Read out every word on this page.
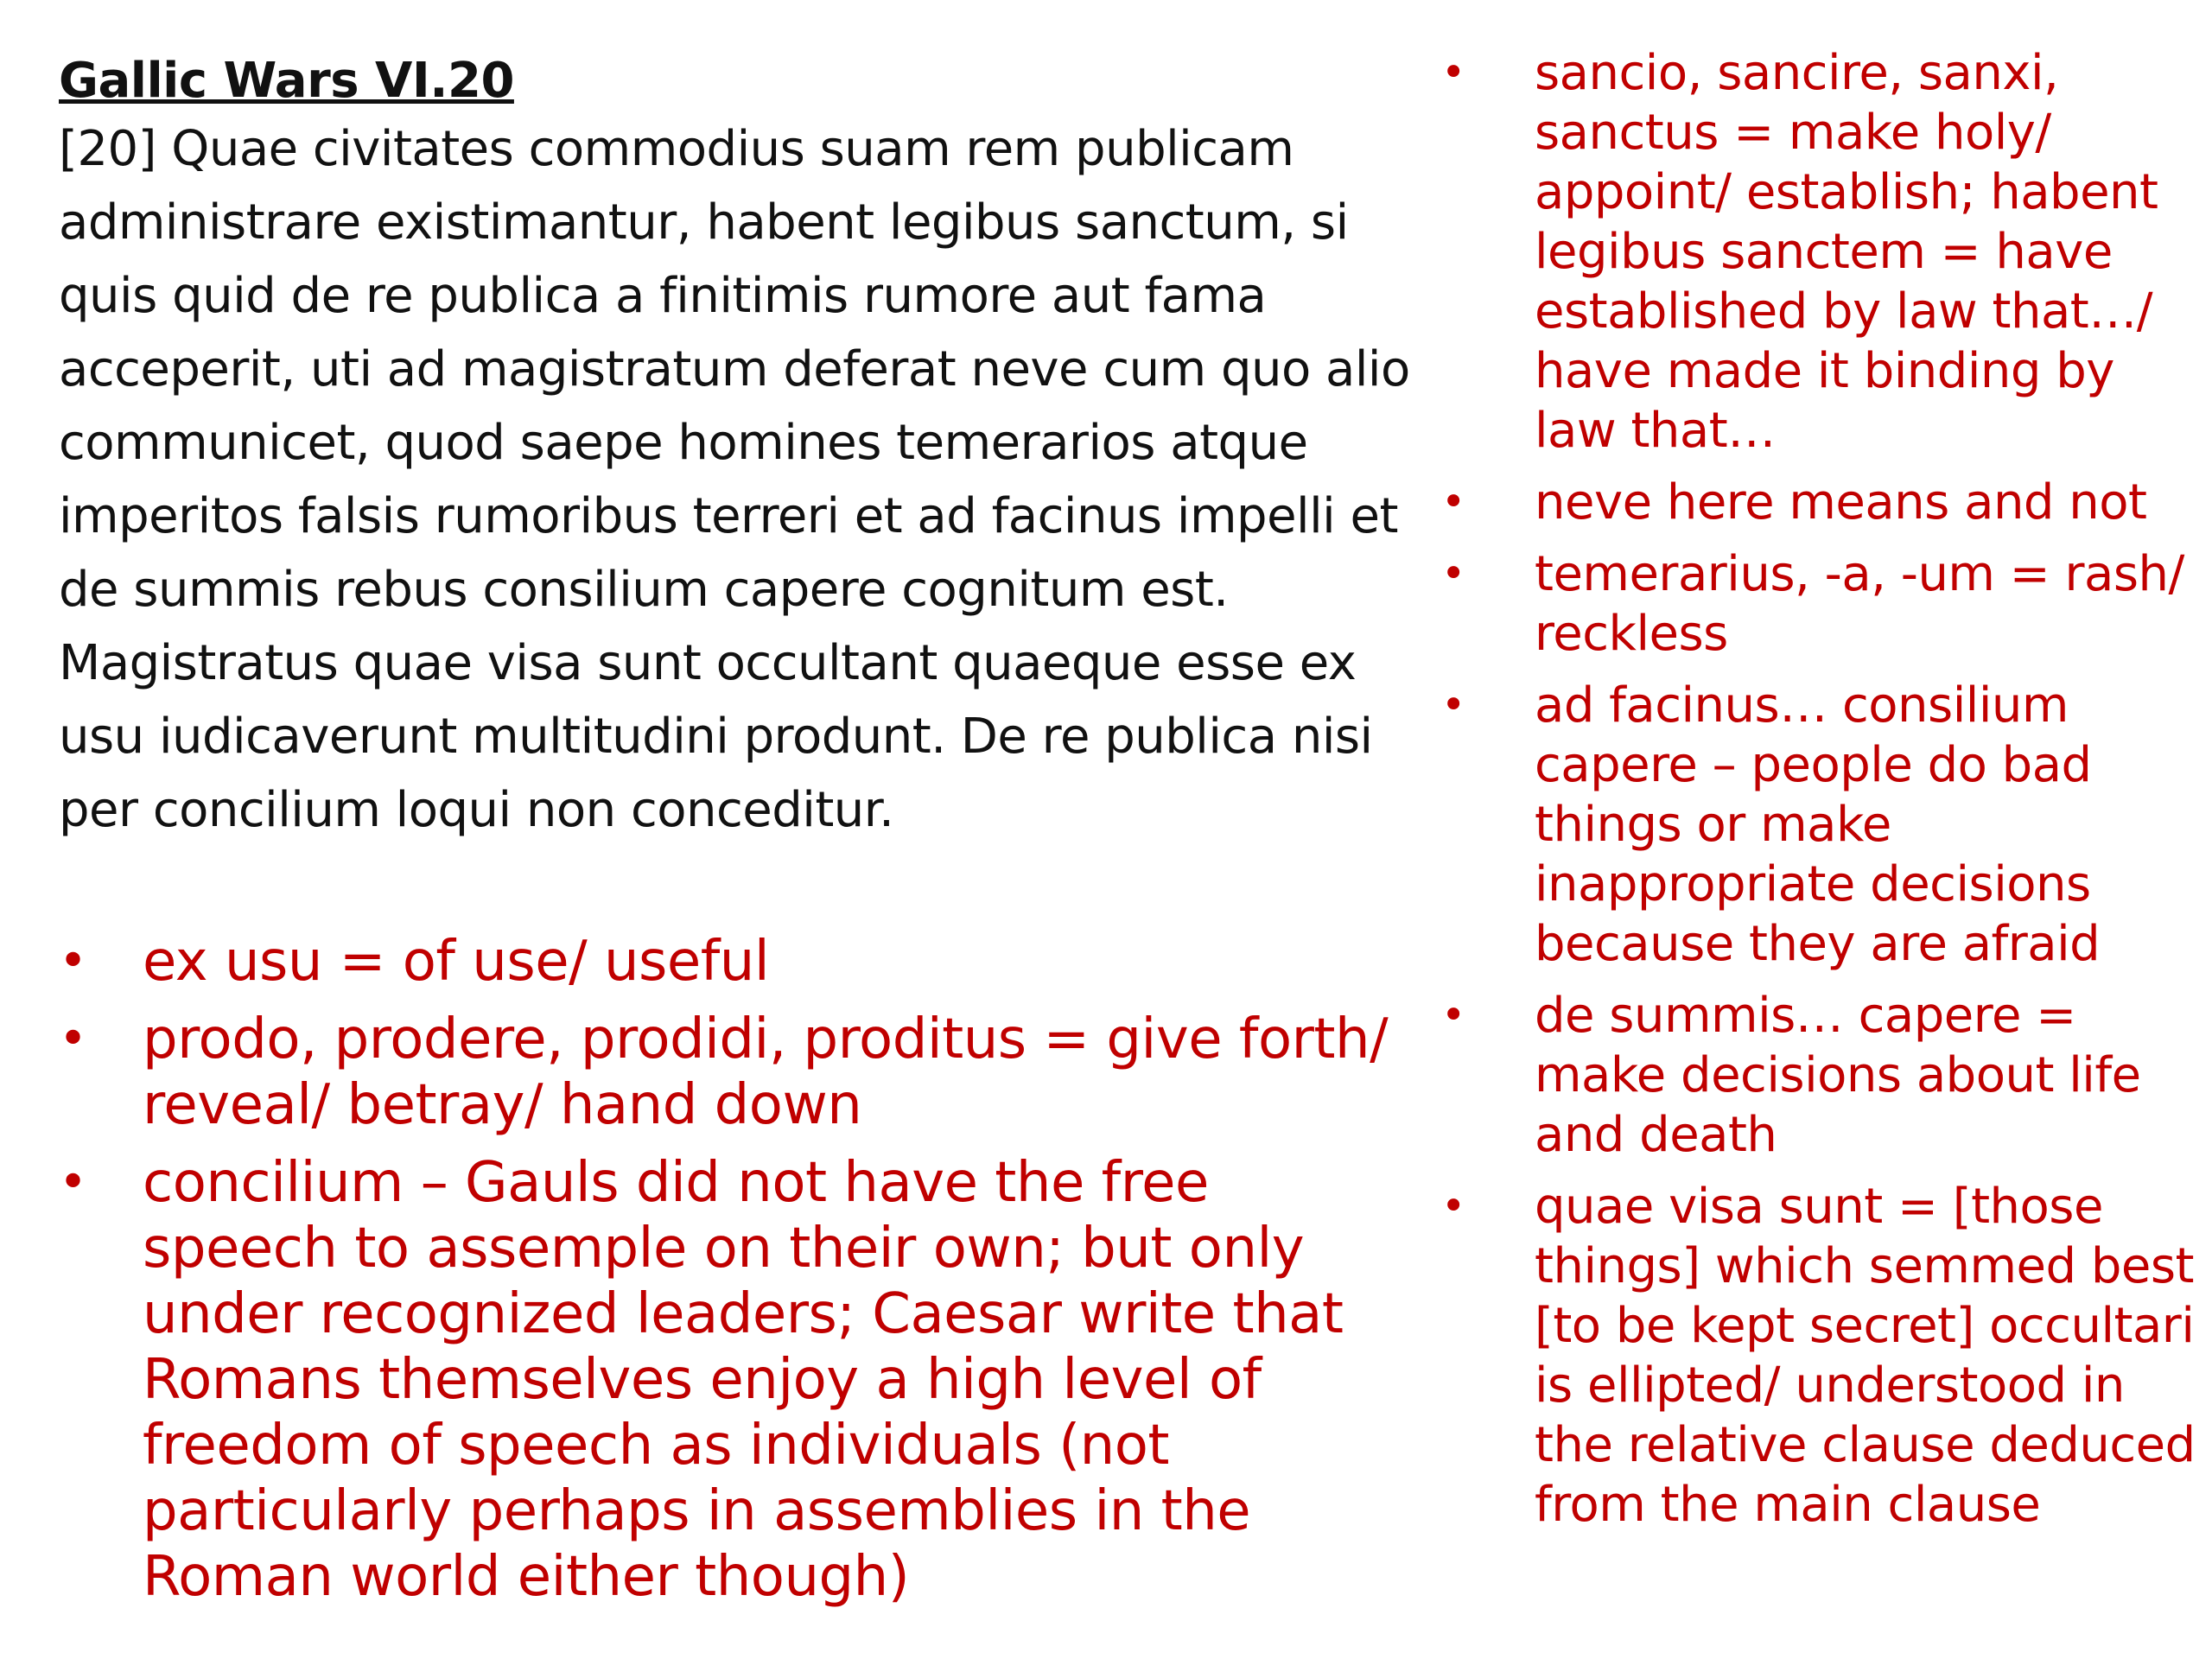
Gallic Wars VI.20

[20] Quae civitates commodius suam rem publicam administrare existimantur, habent legibus sanctum, si quis quid de re publica a finitimis rumore aut fama acceperit, uti ad magistratum deferat neve cum quo alio communicet, quod saepe homines temerarios atque imperitos falsis rumoribus terreri et ad facinus impelli et de summis rebus consilium capere cognitum est. Magistratus quae visa sunt occultant quaeque esse ex usu iudicaverunt multitudini produnt. De re publica nisi per concilium loqui non conceditur.

• ex usu = of use/ useful
• prodo, prodere, prodidi, proditus = give forth/ reveal/ betray/ hand down
• concilium – Gauls did not have the free speech to assemple on their own; but only under recognized leaders; Caesar write that Romans themselves enjoy a high level of freedom of speech as individuals (not particularly perhaps in assemblies in the Roman world either though)
• sancio, sancire, sanxi, sanctus = make holy/ appoint/ establish; habent legibus sanctem = have established by law that…/ have made it binding by law that…
• neve here means and not
• temerarius, -a, -um = rash/ reckless
• ad facinus… consilium capere – people do bad things or make inappropriate decisions because they are afraid
• de summis… capere = make decisions about life and death
• quae visa sunt = [those things] which semmed best [to be kept secret] occultari is ellipted/ understood in the relative clause deduced from the main clause
